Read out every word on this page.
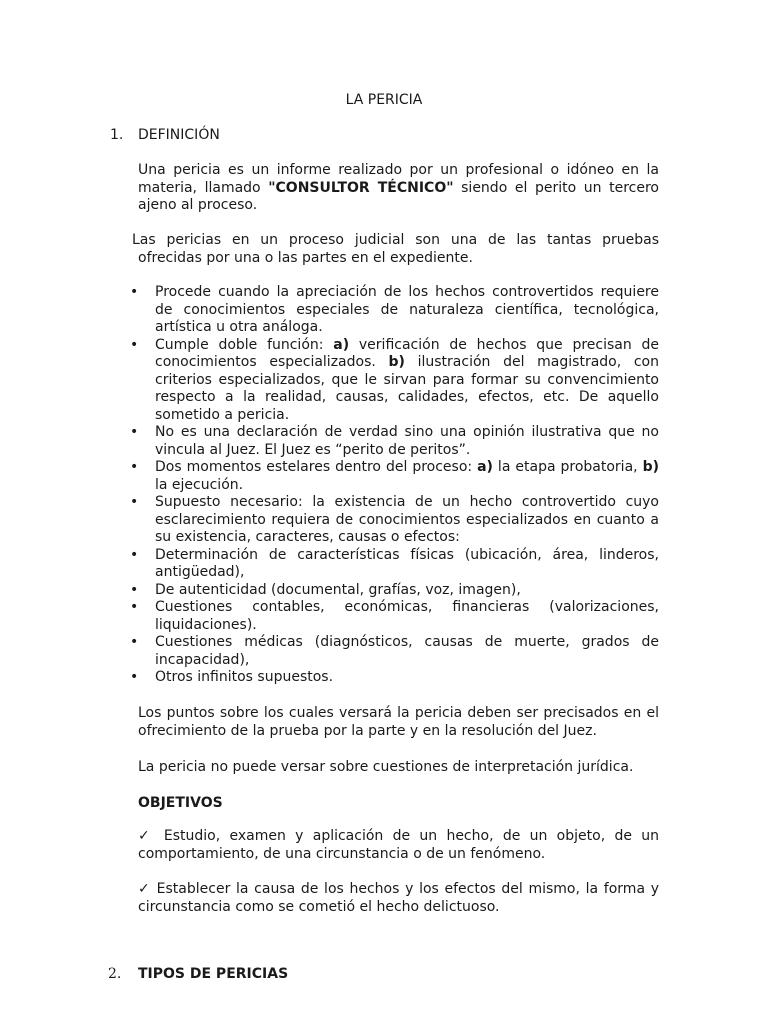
LA PERICIA
1. DEFINICIÓN
Una pericia es un informe realizado por un profesional o idóneo en la materia, llamado "CONSULTOR TÉCNICO" siendo el perito un tercero ajeno al proceso.
Las pericias en un proceso judicial son una de las tantas pruebas
ofrecidas por una o las partes en el expediente.
• Procede cuando la apreciación de los hechos controvertidos requiere de conocimientos especiales de naturaleza científica, tecnológica, artística u otra análoga.
• Cumple doble función: a) verificación de hechos que precisan de conocimientos especializados. b) ilustración del magistrado, con criterios especializados, que le sirvan para formar su convencimiento respecto a la realidad, causas, calidades, efectos, etc. De aquello sometido a pericia.
• No es una declaración de verdad sino una opinión ilustrativa que no vincula al Juez. El Juez es “perito de peritos”.
• Dos momentos estelares dentro del proceso: a) la etapa probatoria, b) la ejecución.
• Supuesto necesario: la existencia de un hecho controvertido cuyo esclarecimiento requiera de conocimientos especializados en cuanto a su existencia, caracteres, causas o efectos:
• Determinación de características físicas (ubicación, área, linderos, antigüedad),
• De autenticidad (documental, grafías, voz, imagen),
• Cuestiones contables, económicas, financieras (valorizaciones, liquidaciones).
• Cuestiones médicas (diagnósticos, causas de muerte, grados de incapacidad),
• Otros infinitos supuestos.
Los puntos sobre los cuales versará la pericia deben ser precisados en el ofrecimiento de la prueba por la parte y en la resolución del Juez.
La pericia no puede versar sobre cuestiones de interpretación jurídica.
OBJETIVOS
✓ Estudio, examen y aplicación de un hecho, de un objeto, de un comportamiento, de una circunstancia o de un fenómeno.
✓ Establecer la causa de los hechos y los efectos del mismo, la forma y circunstancia como se cometió el hecho delictuoso.
2. TIPOS DE PERICIAS
